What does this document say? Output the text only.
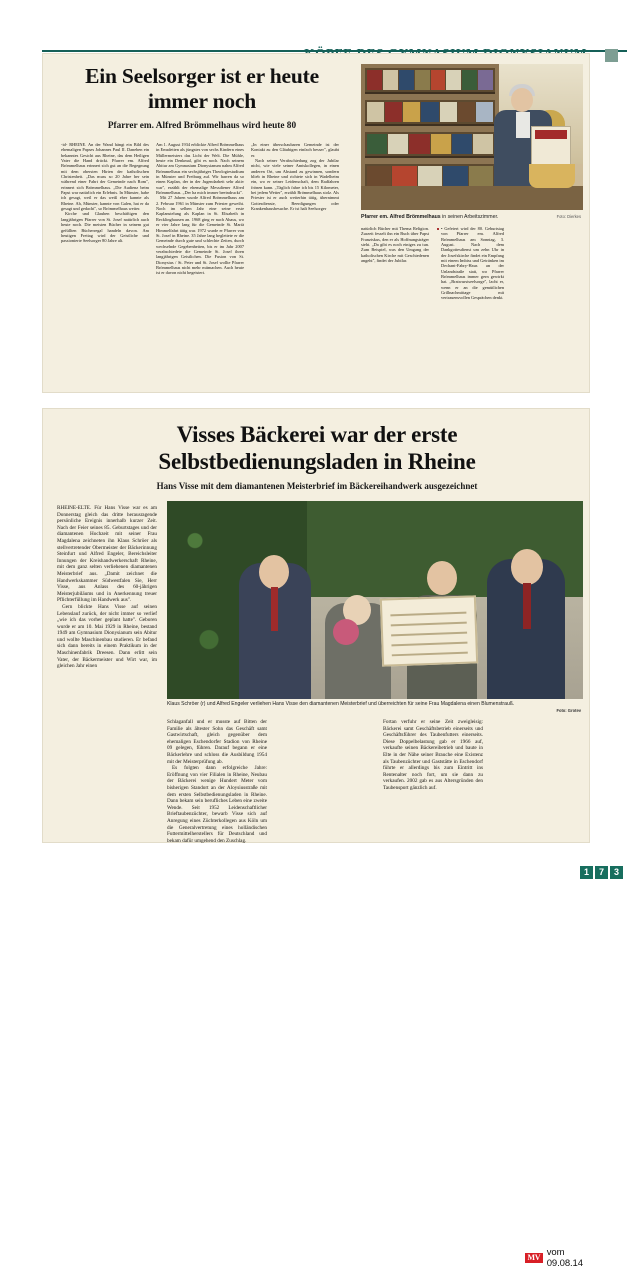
Ein Seelsorger ist er heute immer noch
Pfarrer em. Alfred Brömmelhaus wird heute 80
Pfarrer em. Alfred Brömmelhaus in seinen Arbeitszimmer.	Foto: Dierkes

-id- RHEINE. An der Wand hängt ein Bild des ehemaligen Papses Johannes Paul II. Daneben ein bekanntes Gesicht aus Rheine, das dem Heiligen Vater die Hand drückt. Pfarrer em. Alfred Brömmelhaus erinnert sich gut an die Begegnung mit dem obersten Hirten der katholischen Christenheit. „Das muss so 20 Jahre her sein während einer Fahrt der Gemeinde nach Rom", erinnert sich Brömmelhaus. „Die Audienz beim Papst war natürlich ein Erlebnis. In Münster, habe ich gesagt, weil er das weiß eher kannte als Rheine. Ah, Münster, kannte von Galen, hat er da gesagt und gedacht", so Brömmelhaus weiter.

Kirche und Glauben beschäftigen den langjährigen Pfarrer von St. Josef natürlich auch heute noch. Die meisten Bücher in seinem gut gefüllten Bücherregal handeln davon. Am heutigen Freitag wird der Geistliche und passionierte Seelsorger 80 Jahre alt.

Am 1. August 1934 erblickte Alfred Brömmelhaus in Emsdetten als jüngstes von sechs Kindern eines Müllermeisters das Licht der Welt. Die Mühle, heute ein Denkmal, gibt es noch. Nach seinem Abitur am Gymnasium Dionysianum nahm Alfred Brömmelhaus ein sechsjähriges Theologiestudium in Münster und Freiburg auf. Wir harren da so einen Kaplan, der in der Jugendarbeit sehr aktiv war", erzählt der ehemalige Messdiener Alfred Brömmelhaus. „Der ha mich immer beeindruckt".

Mit 27 Jahren wurde Alfred Brömmelhaus am 2. Februar 1961 in Münster zum Priester geweiht. Noch im selben Jahr eine seine erste Kaplanstelung als Kaplan in St. Elisabeth in Recklinghausen an. 1968 ging er nach Ahaus, wo er vier Jahre lang für die Gemeinde St. Marià Himmelfahrt tätig war. 1972 wurde er Pfarrer von St. Josef in Rheine. 35 Jahre lang begleitete er die Gemeinde durch gute und schlechte Zeiten, durch wechselnde Gegebenheiten, bis er im Jahr 2007 verabschiedete die Gemeinde St. Josef ihren langjährigen Geistlichen. Die Fusion von St. Dionysius / St. Peter und St. Josef wollte Pfarrer Brömmelhaus nicht mehr mitmachen. Auch heute ist er davon nicht begeistert.

„In einer überschaubaren Gemeinde ist der Kontakt zu den Gläubigen einfach besser", glaubt er.

Nach seiner Verabschiedung zog der Jubilar nicht, wie viele seiner Amtskollegen, in einen anderen Ort, um Abstand zu gewinnen, sondern blieb in Rheine und richtete sich in Wadelheim ein, wo er seiner Leidenschaft, dem Radfahren frönen kann. „Täglich fahre ich bis 15 Kilometer, bei jedem Wetter", erzählt Brömmelhaus stolz. Als Priester ist er auch weiterhin tätig, übernimmt Gottesdienste, Beerdigungen oder Krankenhausbesuche. Er ist halt Seelsorger

natürlich Bücher mit Thema Religion. Zurzeit fesselt ihn ein Buch über Papst Franziskus, den er als Hoffnungsträger sieht. „Da gibt es noch einiges zu tun. Zum Beispiel, was den Umgang der katholischen Kirche mit Geschiedenen angeht", findet der Jubilar.

• Gefeiert wird der 80. Geburtstag von Pfarrer em. Alfred Brömmelhaus am Sonntag, 3. August. Nach dem Dankgottesdienst um zehn Uhr in der Josefskirche findet ein Empfang mit einem Imbiss und Getränken im Dechant-Fabry-Haus an der Unlandstraße statt, wo Pfarrer Brömmelhaus immer gern gewirkt hat. „Bratwurstseelsorge", lacht er, wenn er an die gemütlichen Grillnachmittage mit vertrauensvollen Gesprächen denkt.

Visses Bäckerei war der erste Selbstbedienungsladen in Rheine
Hans Visse mit dem diamantenen Meisterbrief im Bäckereihandwerk ausgezeichnet
Klaus Schröer (r) und Alfred Engeler verliehen Hans Visse den diamantenen Meisterbrief und überreichten für seine Frau Magdalena einen Blumenstrauß.
Foto: Grotev

RHEINE-ELTE. Für Hans Visse war es am Donnerstag gleich das dritte herausragende persönliche Ereignis innerhalb kurzer Zeit. Nach der Feier seines 85. Geburtstages und der diamantenen Hochzeit mit seiner Frau Magdalena zeichneten ihn Klaus Schröer als stellvertretender Obermeister der Bäckerinnung Steinfurt und Alfred Engeler, Bereichsleiter Innungen der Kreishandwerkerschaft Rheine, mit dem ganz selten verliehenen diamantenen Meisterbrief aus. „Damit zeichnet die Handwerkskammer Südwestfalen Sie, Herr Visse, aus Anlass des 60-jährigen Meisterjubiläums und in Anerkennung treuer Pflichterfüllung im Handwerk aus".

Gern blickte Hans Visse auf seinen Lebenslauf zurück, der nicht immer so verlief „wie ich das vorher geplant hatte". Geboren wurde er am 10. Mai 1929 in Rheine, bestand 1949 am Gymnasium Dionysianum sein Abitur und wollte Maschinenbau studieren. Er befand sich dann bereits in einem Praktikum in der Maschinenfabrik Dreesen. Dann erlitt sein Vater, der Bäckermeister und Wirt war, im gleichen Jahr einen

Schlaganfall und er musste auf Bitten der Familie als ältester Sohn das Geschäft samt Gastwirtschaft, gleich gegenüber dem ehemaligen Eschendorfer Stadion von Rheine 09 gelegen, führen. Darauf begann er eine Bäckerlehre und schloss die Ausbildung 1954 mit der Meisterprüfung ab.

Es folgten dann erfolgreiche Jahre: Eröffnung von vier Filialen in Rheine, Neubau der Bäckerei wenige Hundert Meter vom bisherigen Standort an der Aloysiusstraße mit dem ersten Selbstbedienungsladen in Rheine. Dann bekam sein berufliches Leben eine zweite Wende. Seit 1952 Leidenschaftlicher Brieftaubenzüchter, bewarb Visse sich auf Anregung eines Züchterkollegen aus Köln um die Generalvertretung eines holländischen Futtermittelherstellers für Deutschland und bekam dafür umgehend den Zuschlag.

Fortan verfuhr er seine Zeit zweigleisig: Bäckerei samt Geschäftsbetrieb einerseits und Geschäftsführer des Taubenfutters einerseits. Diese Doppelbelastung gab er 1966 auf, verkaufte seinen Bäckereibetrieb und baute in Elte in der Nähe seiner Brauche eine Existenz als Taubenzüchter und Gaststätte in Eschendorf führte er allerdings bis zum Eintritt ins Rentenalter noch fort, um sie dann zu verkaufen. 2002 gab es aus Altersgründen den Taubensport gänzlich auf.

MV vom 09.08.14
1	7	3
